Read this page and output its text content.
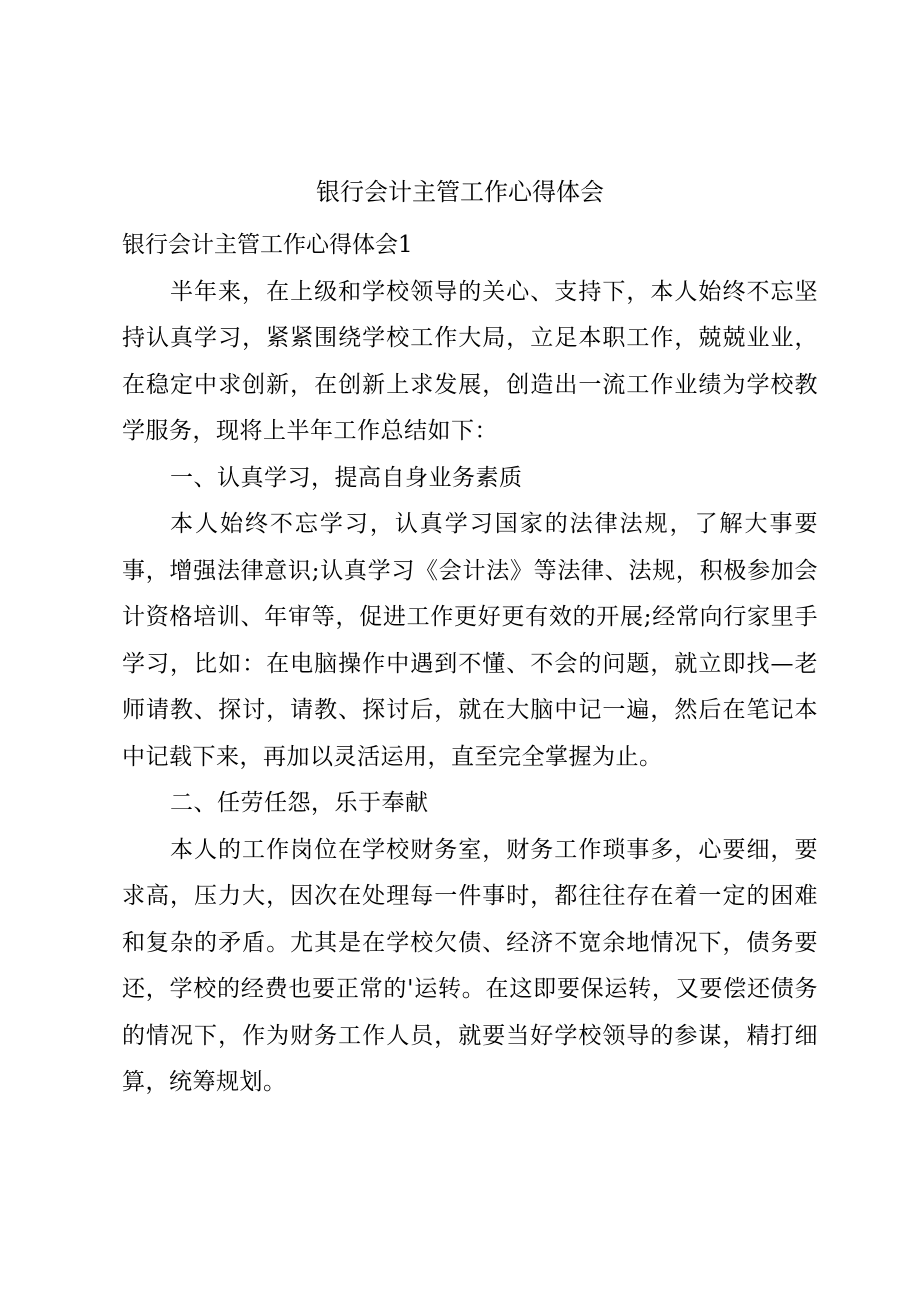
银行会计主管工作心得体会

银行会计主管工作心得体会1

半年来，在上级和学校领导的关心、支持下，本人始终不忘坚持认真学习，紧紧围绕学校工作大局，立足本职工作，兢兢业业，在稳定中求创新，在创新上求发展，创造出一流工作业绩为学校教学服务，现将上半年工作总结如下：

一、认真学习，提高自身业务素质

本人始终不忘学习，认真学习国家的法律法规，了解大事要事，增强法律意识;认真学习《会计法》等法律、法规，积极参加会计资格培训、年审等，促进工作更好更有效的开展;经常向行家里手学习，比如：在电脑操作中遇到不懂、不会的问题，就立即找—老师请教、探讨，请教、探讨后，就在大脑中记一遍，然后在笔记本中记载下来，再加以灵活运用，直至完全掌握为止。

二、任劳任怨，乐于奉献

本人的工作岗位在学校财务室，财务工作琐事多，心要细，要求高，压力大，因次在处理每一件事时，都往往存在着一定的困难和复杂的矛盾。尤其是在学校欠债、经济不宽余地情况下，债务要还，学校的经费也要正常的'运转。在这即要保运转，又要偿还债务的情况下，作为财务工作人员，就要当好学校领导的参谋，精打细算，统筹规划。
